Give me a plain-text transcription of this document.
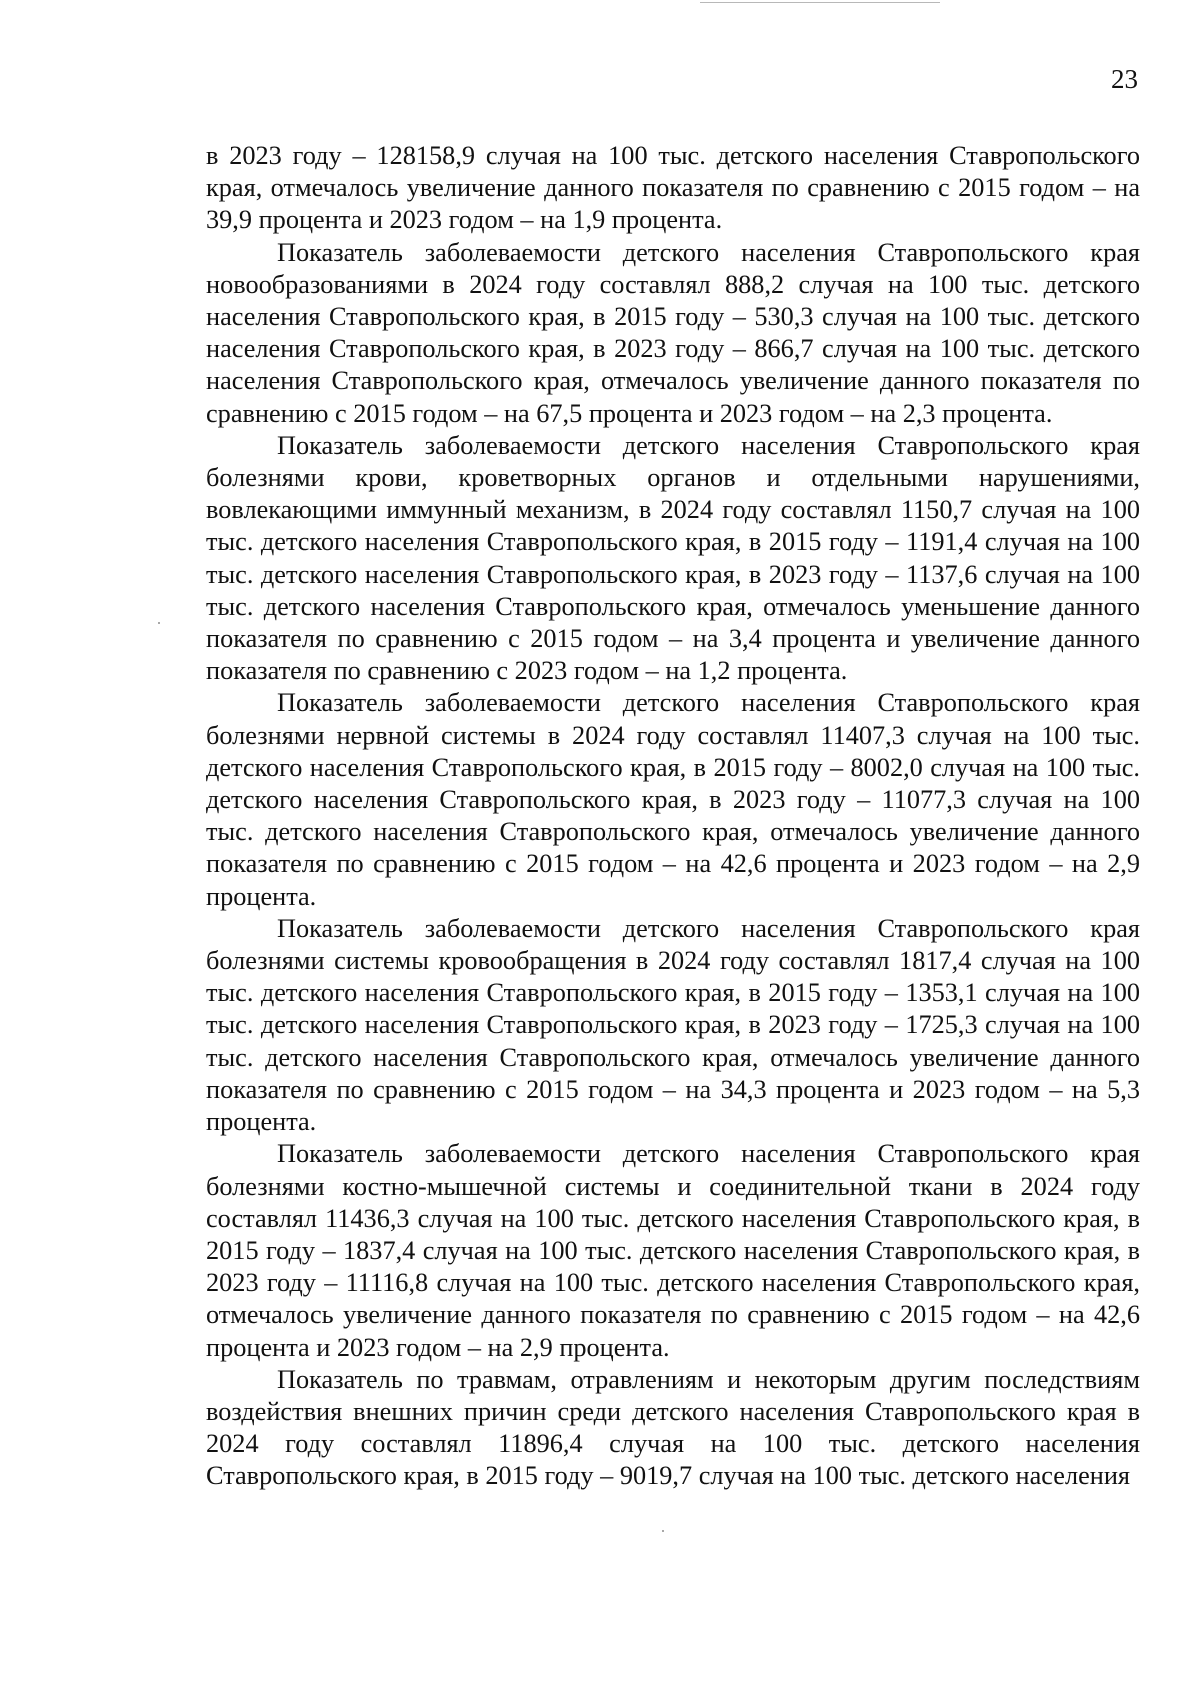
23

в 2023 году – 128158,9 случая на 100 тыс. детского населения Ставропольского края, отмечалось увеличение данного показателя по сравнению с 2015 годом – на 39,9 процента и 2023 годом – на 1,9 процента.

Показатель заболеваемости детского населения Ставропольского края новообразованиями в 2024 году составлял 888,2 случая на 100 тыс. детского населения Ставропольского края, в 2015 году – 530,3 случая на 100 тыс. детского населения Ставропольского края, в 2023 году – 866,7 случая на 100 тыс. детского населения Ставропольского края, отмечалось увеличение данного показателя по сравнению с 2015 годом – на 67,5 процента и 2023 годом – на 2,3 процента.

Показатель заболеваемости детского населения Ставропольского края болезнями крови, кроветворных органов и отдельными нарушениями, вовлекающими иммунный механизм, в 2024 году составлял 1150,7 случая на 100 тыс. детского населения Ставропольского края, в 2015 году – 1191,4 случая на 100 тыс. детского населения Ставропольского края, в 2023 году – 1137,6 случая на 100 тыс. детского населения Ставропольского края, отмечалось уменьшение данного показателя по сравнению с 2015 годом – на 3,4 процента и увеличение данного показателя по сравнению с 2023 годом – на 1,2 процента.

Показатель заболеваемости детского населения Ставропольского края болезнями нервной системы в 2024 году составлял 11407,3 случая на 100 тыс. детского населения Ставропольского края, в 2015 году – 8002,0 случая на 100 тыс. детского населения Ставропольского края, в 2023 году – 11077,3 случая на 100 тыс. детского населения Ставропольского края, отмечалось увеличение данного показателя по сравнению с 2015 годом – на 42,6 процента и 2023 годом – на 2,9 процента.

Показатель заболеваемости детского населения Ставропольского края болезнями системы кровообращения в 2024 году составлял 1817,4 случая на 100 тыс. детского населения Ставропольского края, в 2015 году – 1353,1 случая на 100 тыс. детского населения Ставропольского края, в 2023 году – 1725,3 случая на 100 тыс. детского населения Ставропольского края, отмечалось увеличение данного показателя по сравнению с 2015 годом – на 34,3 процента и 2023 годом – на 5,3 процента.

Показатель заболеваемости детского населения Ставропольского края болезнями костно-мышечной системы и соединительной ткани в 2024 году составлял 11436,3 случая на 100 тыс. детского населения Ставропольского края, в 2015 году – 1837,4 случая на 100 тыс. детского населения Ставропольского края, в 2023 году – 11116,8 случая на 100 тыс. детского населения Ставропольского края, отмечалось увеличение данного показателя по сравнению с 2015 годом – на 42,6 процента и 2023 годом – на 2,9 процента.

Показатель по травмам, отравлениям и некоторым другим последствиям воздействия внешних причин среди детского населения Ставропольского края в 2024 году составлял 11896,4 случая на 100 тыс. детского населения Ставропольского края, в 2015 году – 9019,7 случая на 100 тыс. детского населения
